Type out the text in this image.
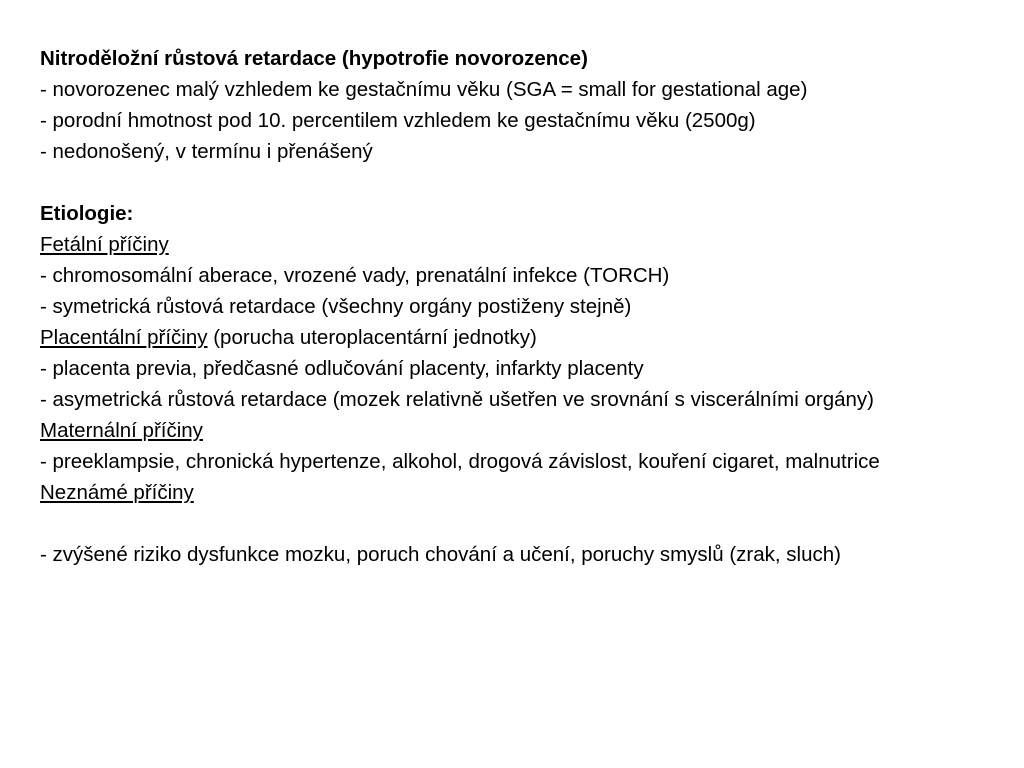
Nitroděložní růstová retardace (hypotrofie novorozence)

- novorozenec malý vzhledem ke gestačnímu věku (SGA = small for gestational age)

- porodní hmotnost pod 10. percentilem vzhledem ke gestačnímu věku (2500g)

- nedonošený, v termínu i přenášený

Etiologie:

Fetální příčiny

- chromosomální aberace, vrozené vady, prenatální infekce (TORCH)

- symetrická růstová retardace (všechny orgány postiženy stejně)

Placentální příčiny (porucha uteroplacentární jednotky)

- placenta previa, předčasné odlučování placenty, infarkty placenty

- asymetrická růstová retardace (mozek relativně ušetřen ve srovnání s viscerálními orgány)

Maternální příčiny

- preeklampsie, chronická hypertenze, alkohol, drogová závislost, kouření cigaret, malnutrice

Neznámé příčiny

- zvýšené riziko dysfunkce mozku, poruch chování a učení, poruchy smyslů (zrak, sluch)
